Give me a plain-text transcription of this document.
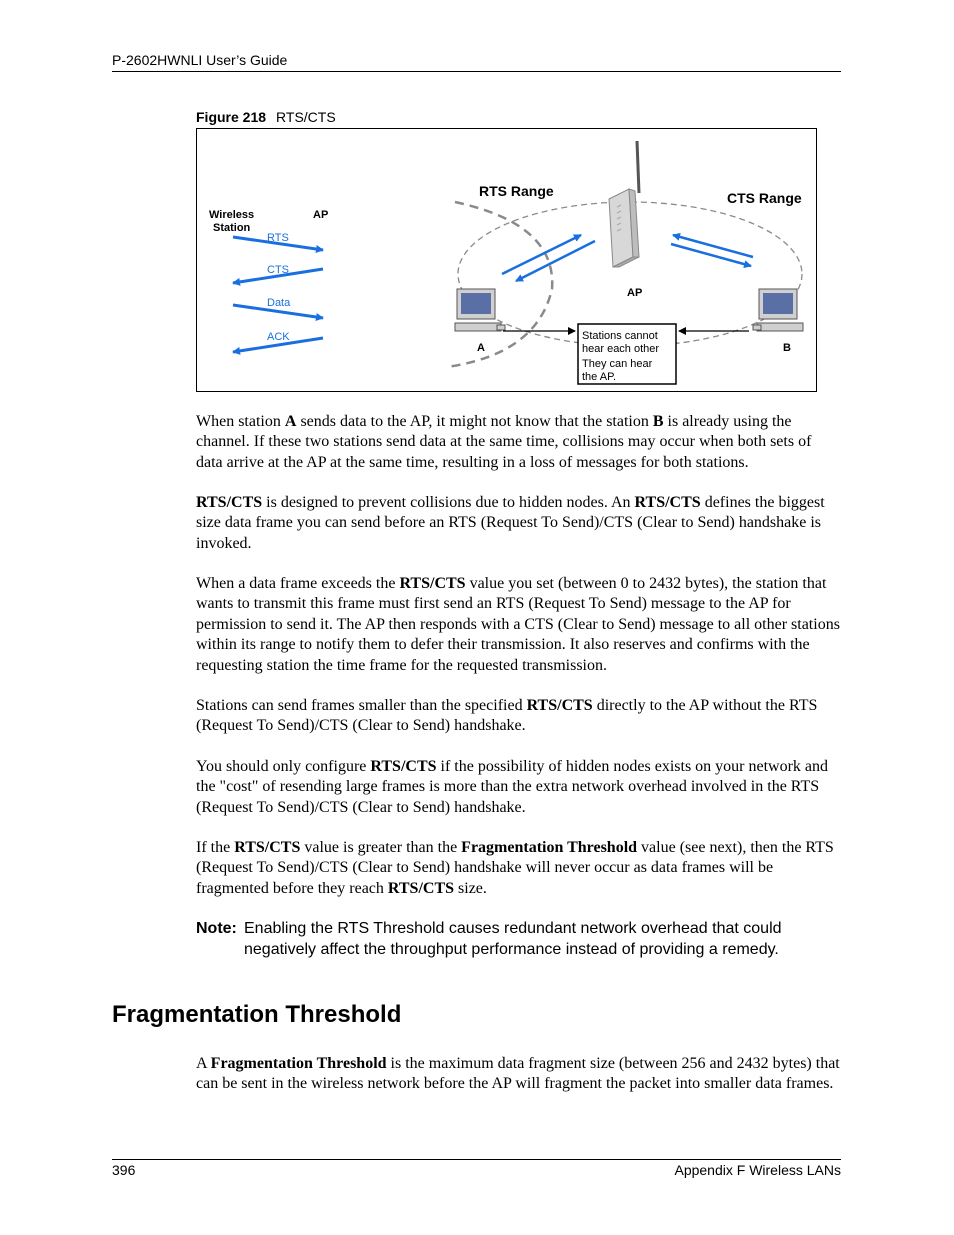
P-2602HWNLI User’s Guide
Figure 218 RTS/CTS
Wireless
Station
AP
RTS
CTS
Data
ACK
RTS Range	CTS Range
AP
A	B
Stations cannot
hear each other
They can hear
the AP.
When station A sends data to the AP, it might not know that the station B is already using the channel. If these two stations send data at the same time, collisions may occur when both sets of data arrive at the AP at the same time, resulting in a loss of messages for both stations.
RTS/CTS is designed to prevent collisions due to hidden nodes. An RTS/CTS defines the biggest size data frame you can send before an RTS (Request To Send)/CTS (Clear to Send) handshake is invoked.
When a data frame exceeds the RTS/CTS value you set (between 0 to 2432 bytes), the station that wants to transmit this frame must first send an RTS (Request To Send) message to the AP for permission to send it. The AP then responds with a CTS (Clear to Send) message to all other stations within its range to notify them to defer their transmission. It also reserves and confirms with the requesting station the time frame for the requested transmission.
Stations can send frames smaller than the specified RTS/CTS directly to the AP without the RTS (Request To Send)/CTS (Clear to Send) handshake.
You should only configure RTS/CTS if the possibility of hidden nodes exists on your network and the "cost" of resending large frames is more than the extra network overhead involved in the RTS (Request To Send)/CTS (Clear to Send) handshake.
If the RTS/CTS value is greater than the Fragmentation Threshold value (see next), then the RTS (Request To Send)/CTS (Clear to Send) handshake will never occur as data frames will be fragmented before they reach RTS/CTS size.
Note: Enabling the RTS Threshold causes redundant network overhead that could negatively affect the throughput performance instead of providing a remedy.
Fragmentation Threshold
A Fragmentation Threshold is the maximum data fragment size (between 256 and 2432 bytes) that can be sent in the wireless network before the AP will fragment the packet into smaller data frames.
396	Appendix F Wireless LANs
